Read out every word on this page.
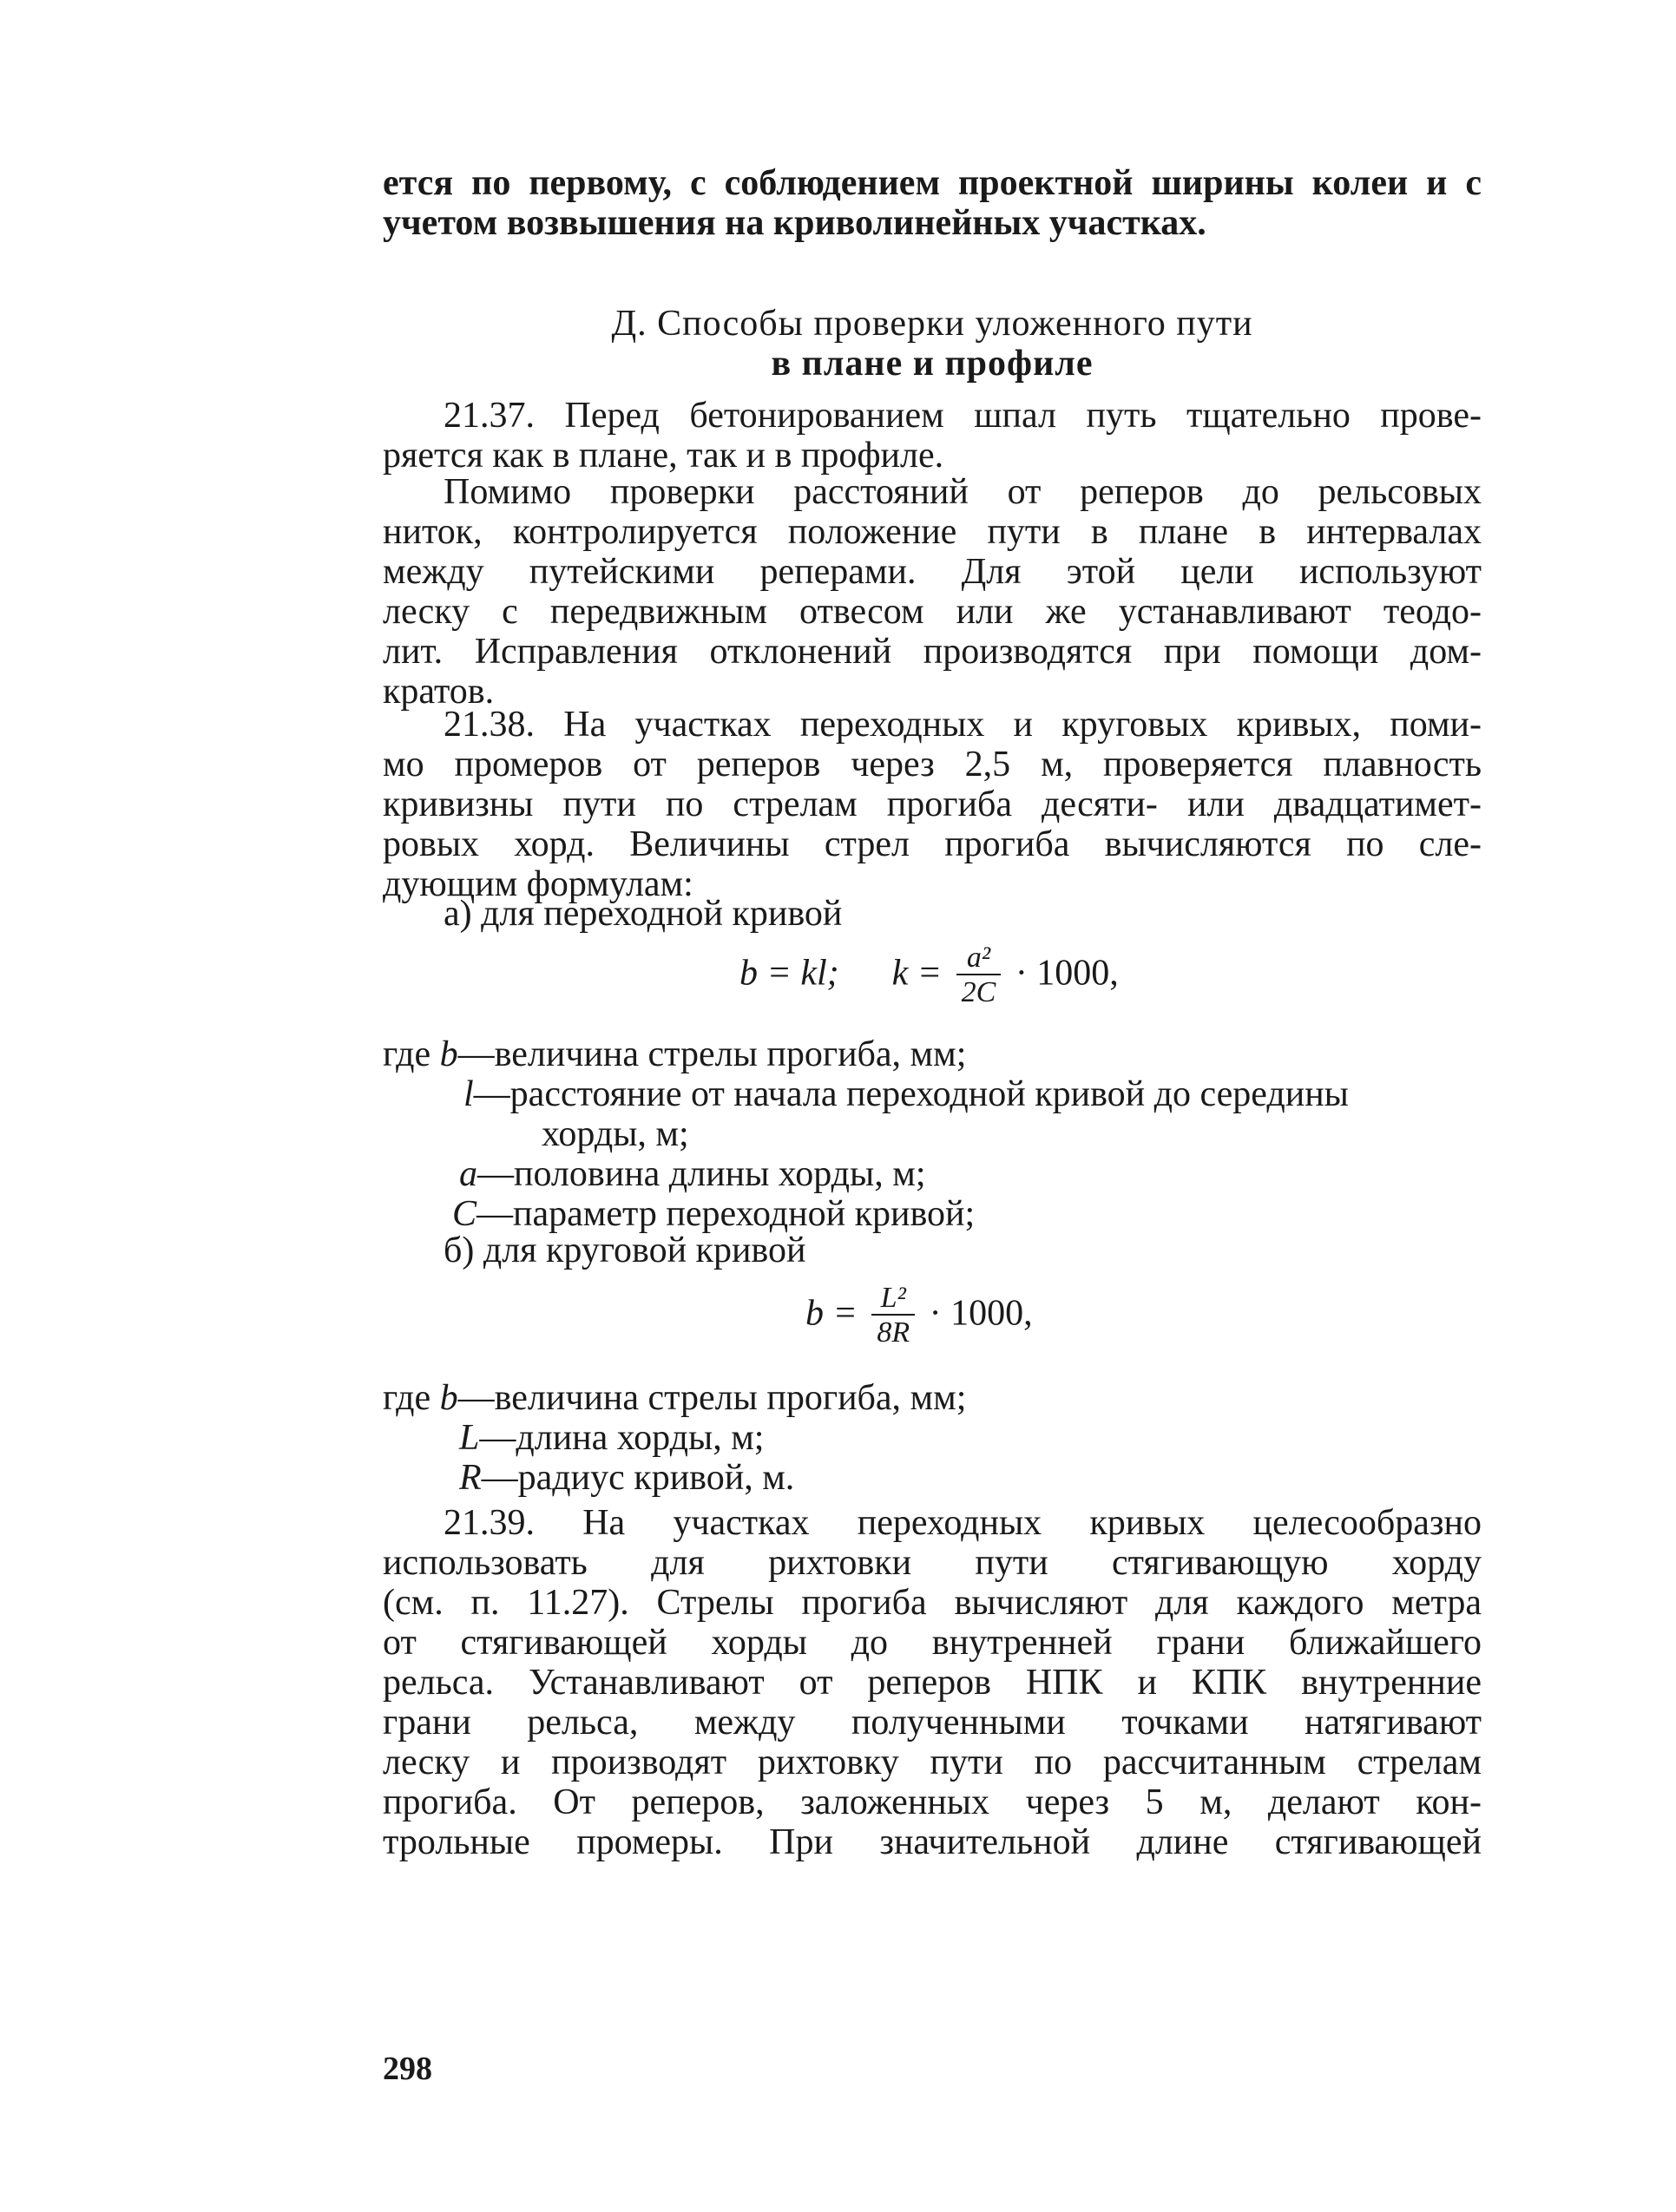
ется по первому, с соблюдением проектной ширины колеи и с
учетом возвышения на криволинейных участках.
Д. Способы проверки уложенного пути
в плане и профиле
21.37. Перед бетонированием шпал путь тщательно прове-
ряется как в плане, так и в профиле.
Помимо проверки расстояний от реперов до рельсовых
ниток, контролируется положение пути в плане в интервалах
между путейскими реперами. Для этой цели используют
леску с передвижным отвесом или же устанавливают теодо-
лит. Исправления отклонений производятся при помощи дом-
кратов.
21.38. На участках переходных и круговых кривых, поми-
мо промеров от реперов через 2,5 м, проверяется плавность
кривизны пути по стрелам прогиба десяти- или двадцатимет-
ровых хорд. Величины стрел прогиба вычисляются по сле-
дующим формулам:
а) для переходной кривой
b = kl; $k = \frac{\text{a²}}{2C} \cdot 1000$,
где b—величина стрелы прогиба, мм;
l—расстояние от начала переходной кривой до середины
хорды, м;
a—половина длины хорды, м;
C—параметр переходной кривой;
б) для круговой кривой
$b = \frac{\text{L²}}{8R} \cdot 1000$,
где b—величина стрелы прогиба, мм;
L—длина хорды, м;
R—радиус кривой, м.
21.39. На участках переходных кривых целесообразно
использовать для рихтовки пути стягивающую хорду
(см. п. 11.27). Стрелы прогиба вычисляют для каждого метра
от стягивающей хорды до внутренней грани ближайшего
рельса. Устанавливают от реперов НПК и КПК внутренние
грани рельса, между полученными точками натягивают
леску и производят рихтовку пути по рассчитанным стрелам
прогиба. От реперов, заложенных через 5 м, делают кон-
трольные промеры. При значительной длине стягивающей
298
